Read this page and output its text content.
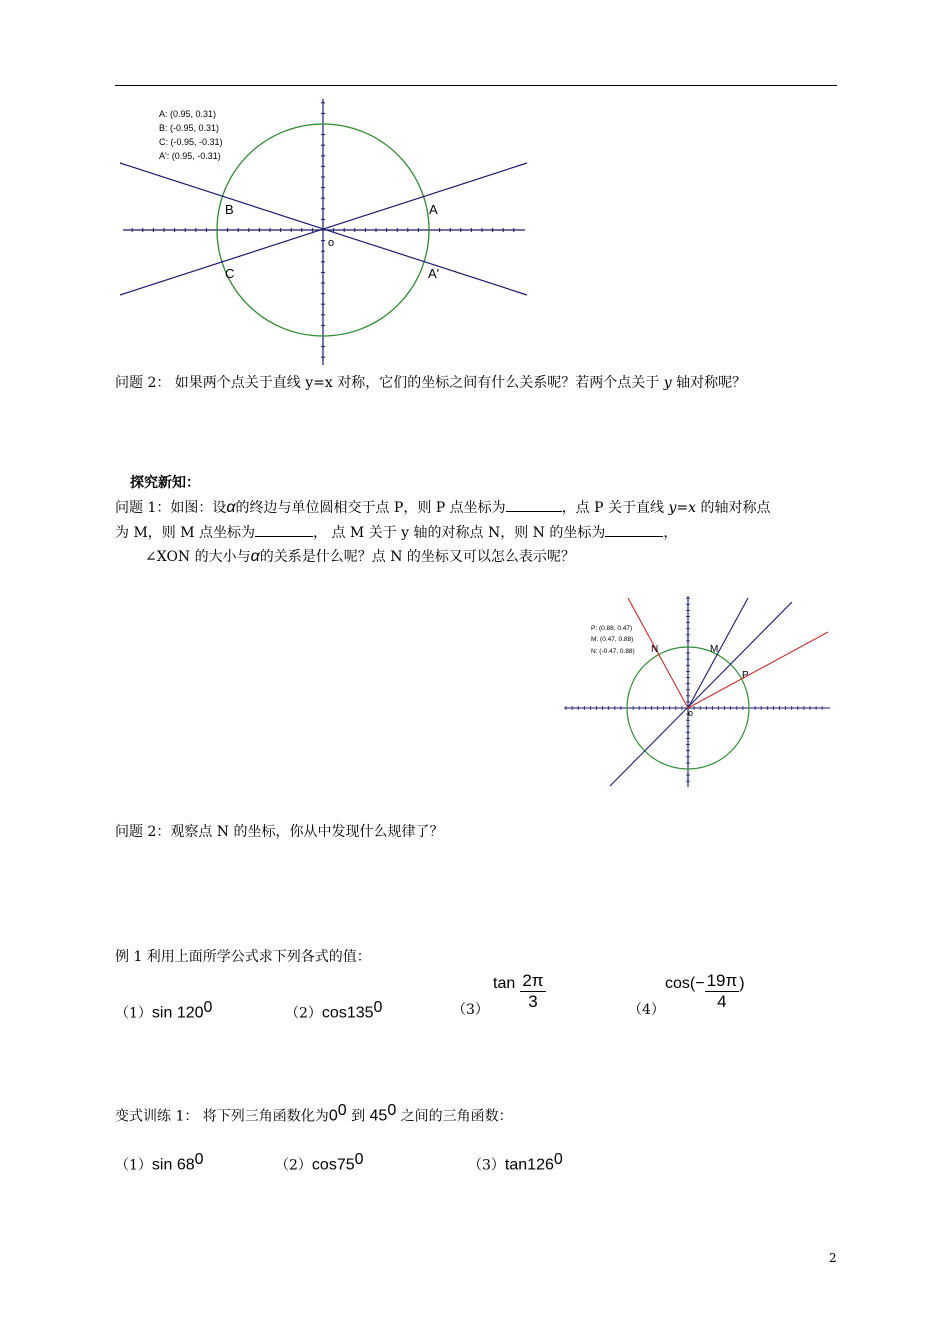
A: (0.95, 0.31)
B: (-0.95, 0.31)
C: (-0.95, -0.31)
A': (0.95, -0.31)
A
B
C	A'
o
问题 2： 如果两个点关于直线 y=x 对称，它们的坐标之间有什么关系呢？若两个点关于 y 轴对称呢？
探究新知：
问题 1：如图：设α的终边与单位圆相交于点 P，则 P 点坐标为	，点 P 关于直线 y=x 的轴对称点
为 M，则 M 点坐标为	， 点 M 关于 y 轴的对称点 N，则 N 的坐标为	，
∠XON 的大小与α的关系是什么呢？点 N 的坐标又可以怎么表示呢？
P: (0.88, 0.47)
M: (0.47, 0.88)
N: (-0.47, 0.88) N	M
P
o
问题 2：观察点 N 的坐标，你从中发现什么规律了？
例 1 利用上面所学公式求下列各式的值：
（1）sin $120^0$	$(2)\cos 135^0$	（3）
$\tan \frac{2\pi}{3}$	（4）
$\cos(- \frac{19\pi}{4}$ )
变式训练 1： 将下列三角函数化为$0^0$ 到 $45^0$ 之间的三角函数：
（1）sin $68^0$	$(2)\cos 75^0$	$(3)\tan 126^0$
2
